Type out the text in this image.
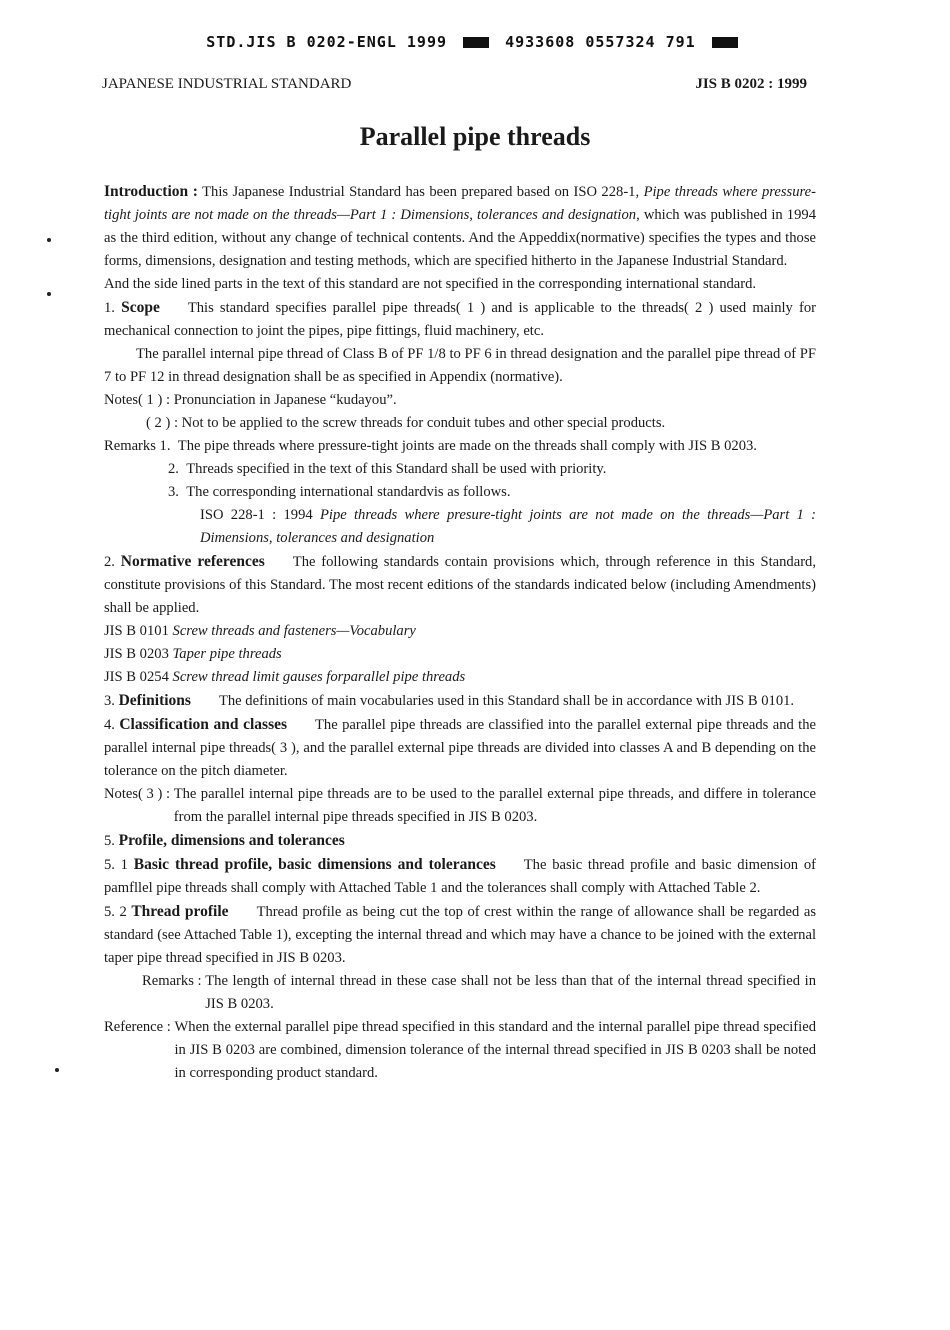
STD.JIS B 0202-ENGL 1999	4933608 0557324 791
JAPANESE INDUSTRIAL STANDARD	JIS B 0202 : 1999
Parallel pipe threads

Introduction : This Japanese Industrial Standard has been prepared based on ISO 228-1, Pipe threads where pressure-tight joints are not made on the threads—Part 1 : Dimensions, tolerances and designation, which was published in 1994 as the third edition, without any change of technical contents. And the Appeddix(normative) specifies the types and those forms, dimensions, designation and testing methods, which are specified hitherto in the Japanese Industrial Standard.

And the side lined parts in the text of this standard are not specified in the corresponding international standard.

1. Scope This standard specifies parallel pipe threads( 1 ) and is applicable to the threads( 2 ) used mainly for mechanical connection to joint the pipes, pipe fittings, fluid machinery, etc.

The parallel internal pipe thread of Class B of PF 1/8 to PF 6 in thread designation and the parallel pipe thread of PF 7 to PF 12 in thread designation shall be as specified in Appendix (normative).

Notes( 1 ) : Pronunciation in Japanese “kudayou”.
( 2 ) : Not to be applied to the screw threads for conduit tubes and other special products.
Remarks 1. The pipe threads where pressure-tight joints are made on the threads shall comply with JIS B 0203.
2. Threads specified in the text of this Standard shall be used with priority.
3. The corresponding international standardvis as follows.

ISO 228-1 : 1994 Pipe threads where presure-tight joints are not made on the threads—Part 1 : Dimensions, tolerances and designation

2. Normative references The following standards contain provisions which, through reference in this Standard, constitute provisions of this Standard. The most recent editions of the standards indicated below (including Amendments) shall be applied.

JIS B 0101 Screw threads and fasteners—Vocabulary

JIS B 0203 Taper pipe threads

JIS B 0254 Screw thread limit gauses forparallel pipe threads

3. Definitions The definitions of main vocabularies used in this Standard shall be in accordance with JIS B 0101.

4. Classification and classes The parallel pipe threads are classified into the parallel external pipe threads and the parallel internal pipe threads( 3 ), and the parallel external pipe threads are divided into classes A and B depending on the tolerance on the pitch diameter.

Notes( 3 ) : The parallel internal pipe threads are to be used to the parallel external pipe threads, and differe in tolerance from the parallel internal pipe threads specified in JIS B 0203.

5. Profile, dimensions and tolerances

5. 1 Basic thread profile, basic dimensions and tolerances The basic thread profile and basic dimension of pamfllel pipe threads shall comply with Attached Table 1 and the tolerances shall comply with Attached Table 2.

5. 2 Thread profile Thread profile as being cut the top of crest within the range of allowance shall be regarded as standard (see Attached Table 1), excepting the internal thread and which may have a chance to be joined with the external taper pipe thread specified in JIS B 0203.

Remarks : The length of internal thread in these case shall not be less than that of the internal thread specified in JIS B 0203.
Reference : When the external parallel pipe thread specified in this standard and the internal parallel pipe thread specified in JIS B 0203 are combined, dimension tolerance of the internal thread specified in JIS B 0203 shall be noted in corresponding product standard.
